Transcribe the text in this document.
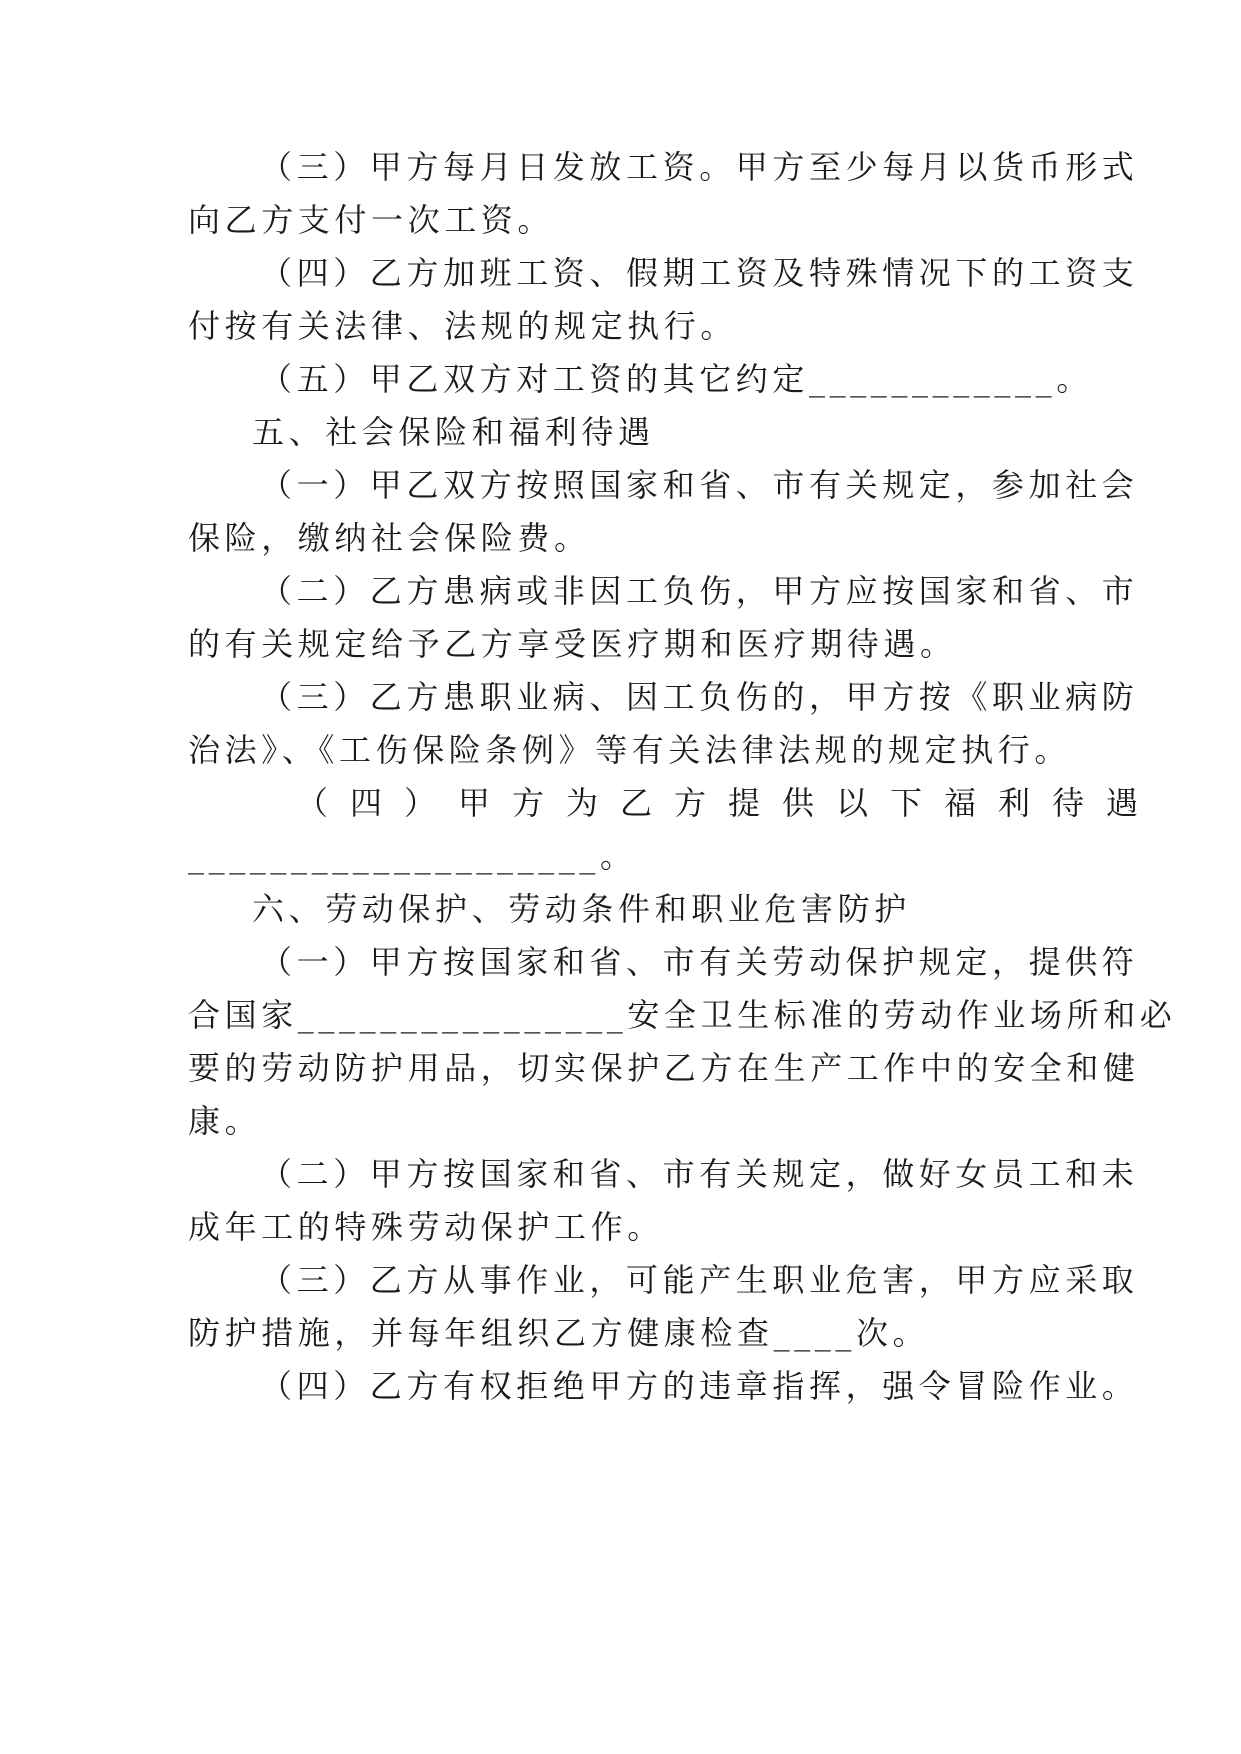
（三）甲方每月日发放工资。甲方至少每月以货币形式
向乙方支付一次工资。
（四）乙方加班工资、假期工资及特殊情况下的工资支
付按有关法律、法规的规定执行。
（五）甲乙双方对工资的其它约定____________。
五、社会保险和福利待遇
（一）甲乙双方按照国家和省、市有关规定，参加社会
保险，缴纳社会保险费。
（二）乙方患病或非因工负伤，甲方应按国家和省、市
的有关规定给予乙方享受医疗期和医疗期待遇。
（三）乙方患职业病、因工负伤的，甲方按《职业病防
治法》、《工伤保险条例》等有关法律法规的规定执行。
（四）甲方为乙方提供以下福利待遇
____________________。
六、劳动保护、劳动条件和职业危害防护
（一）甲方按国家和省、市有关劳动保护规定，提供符
合国家________________安全卫生标准的劳动作业场所和必
要的劳动防护用品，切实保护乙方在生产工作中的安全和健
康。
（二）甲方按国家和省、市有关规定，做好女员工和未
成年工的特殊劳动保护工作。
（三）乙方从事作业，可能产生职业危害，甲方应采取
防护措施，并每年组织乙方健康检查____次。
（四）乙方有权拒绝甲方的违章指挥，强令冒险作业。
